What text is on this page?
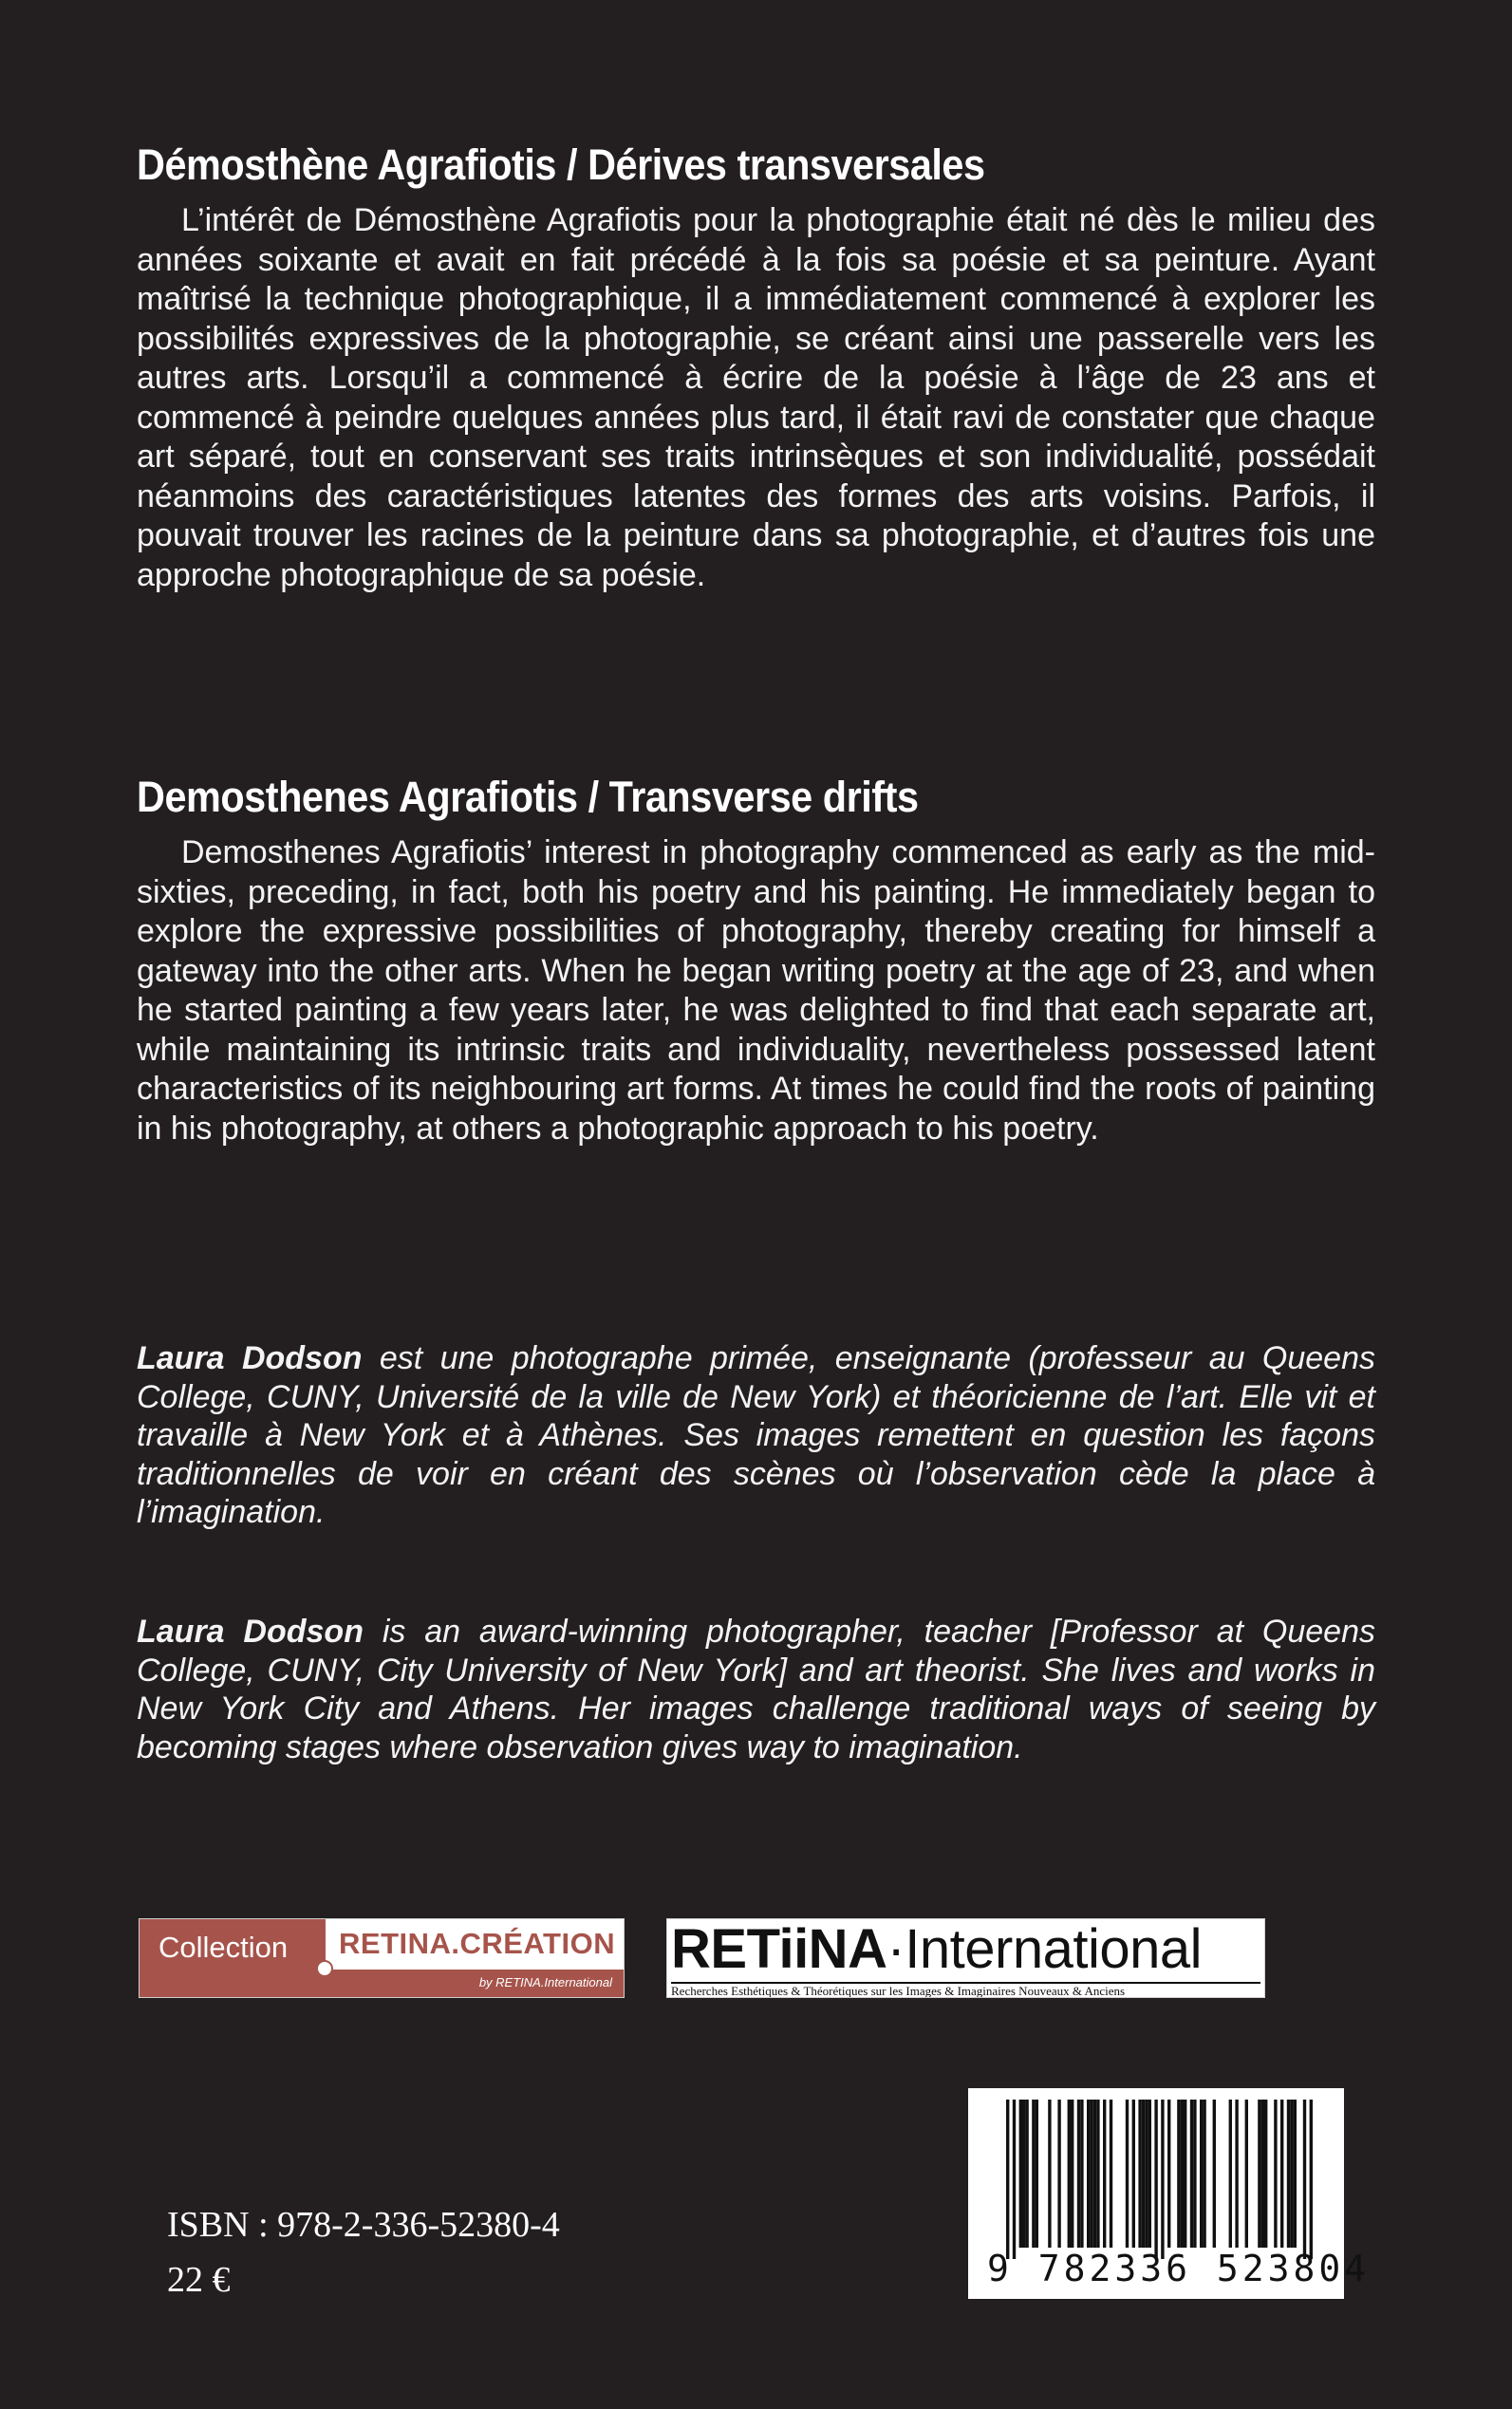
Démosthène Agrafiotis / Dérives transversales

L’intérêt de Démosthène Agrafiotis pour la photographie était né dès le milieu des années soixante et avait en fait précédé à la fois sa poésie et sa peinture. Ayant maîtrisé la technique photographique, il a immédiatement commencé à explorer les possibilités expressives de la photographie, se créant ainsi une passerelle vers les autres arts. Lorsqu’il a commencé à écrire de la poésie à l’âge de 23 ans et commencé à peindre quelques années plus tard, il était ravi de constater que chaque art séparé, tout en conservant ses traits intrinsèques et son individualité, possédait néanmoins des caractéristiques latentes des formes des arts voisins. Parfois, il pouvait trouver les racines de la peinture dans sa photographie, et d’autres fois une approche photographique de sa poésie.

Demosthenes Agrafiotis / Transverse drifts

Demosthenes Agrafiotis’ interest in photography commenced as early as the mid-sixties, preceding, in fact, both his poetry and his painting. He immediately began to explore the expressive possibilities of photography, thereby creating for himself a gateway into the other arts. When he began writing poetry at the age of 23, and when he started painting a few years later, he was delighted to find that each separate art, while maintaining its intrinsic traits and individuality, nevertheless possessed latent characteristics of its neighbouring art forms. At times he could find the roots of painting in his photography, at others a photographic approach to his poetry.

Laura Dodson est une photographe primée, enseignante (professeur au Queens College, CUNY, Université de la ville de New York) et théoricienne de l’art. Elle vit et travaille à New York et à Athènes. Ses images remettent en question les façons traditionnelles de voir en créant des scènes où l’observation cède la place à l’imagination.

Laura Dodson is an award-winning photographer, teacher [Professor at Queens College, CUNY, City University of New York] and art theorist. She lives and works in New York City and Athens. Her images challenge traditional ways of seeing by becoming stages where observation gives way to imagination.

Collection RETINA.CRÉATION
by RETINA.International
RETiiNA·International
Recherches Esthétiques & Théorétiques sur les Images & Imaginaires Nouveaux & Anciens
9 782336 523804
ISBN : 978-2-336-52380-4
22 €
